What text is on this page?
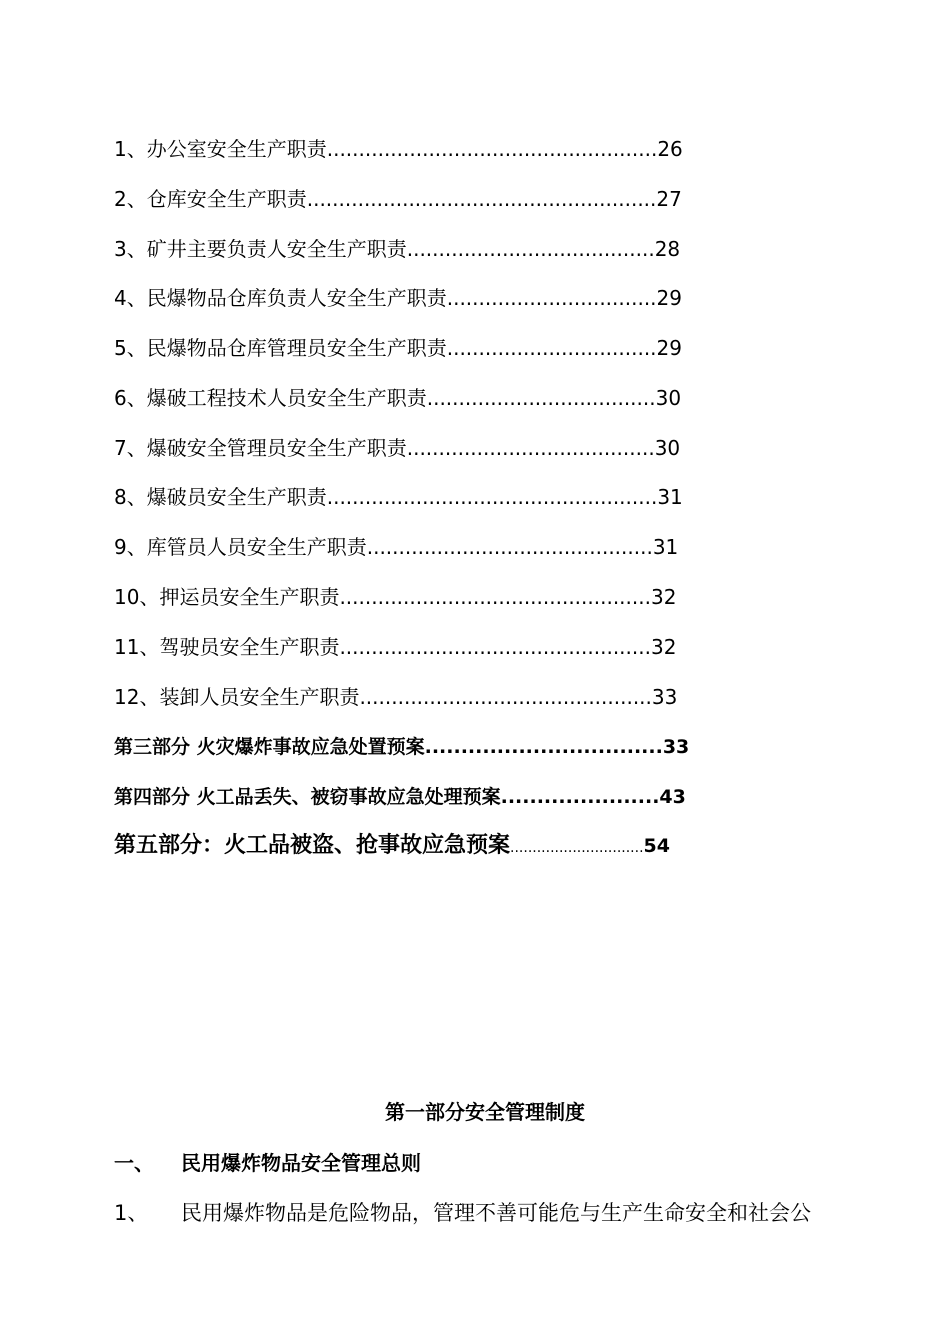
1、办公室安全生产职责....................................................26
2、仓库安全生产职责.......................................................27
3、矿井主要负责人安全生产职责.......................................28
4、民爆物品仓库负责人安全生产职责.................................29
5、民爆物品仓库管理员安全生产职责.................................29
6、爆破工程技术人员安全生产职责....................................30
7、爆破安全管理员安全生产职责.......................................30
8、爆破员安全生产职责....................................................31
9、库管员人员安全生产职责.............................................31
10、押运员安全生产职责.................................................32
11、驾驶员安全生产职责.................................................32
12、装卸人员安全生产职责..............................................33
第三部分 火灾爆炸事故应急处置预案.................................33
第四部分 火工品丢失、被窃事故应急处理预案......................43
第五部分：火工品被盗、抢事故应急预案..............................54
第一部分安全管理制度
一、 民用爆炸物品安全管理总则
1、 民用爆炸物品是危险物品，管理不善可能危与生产生命安全和社会公
